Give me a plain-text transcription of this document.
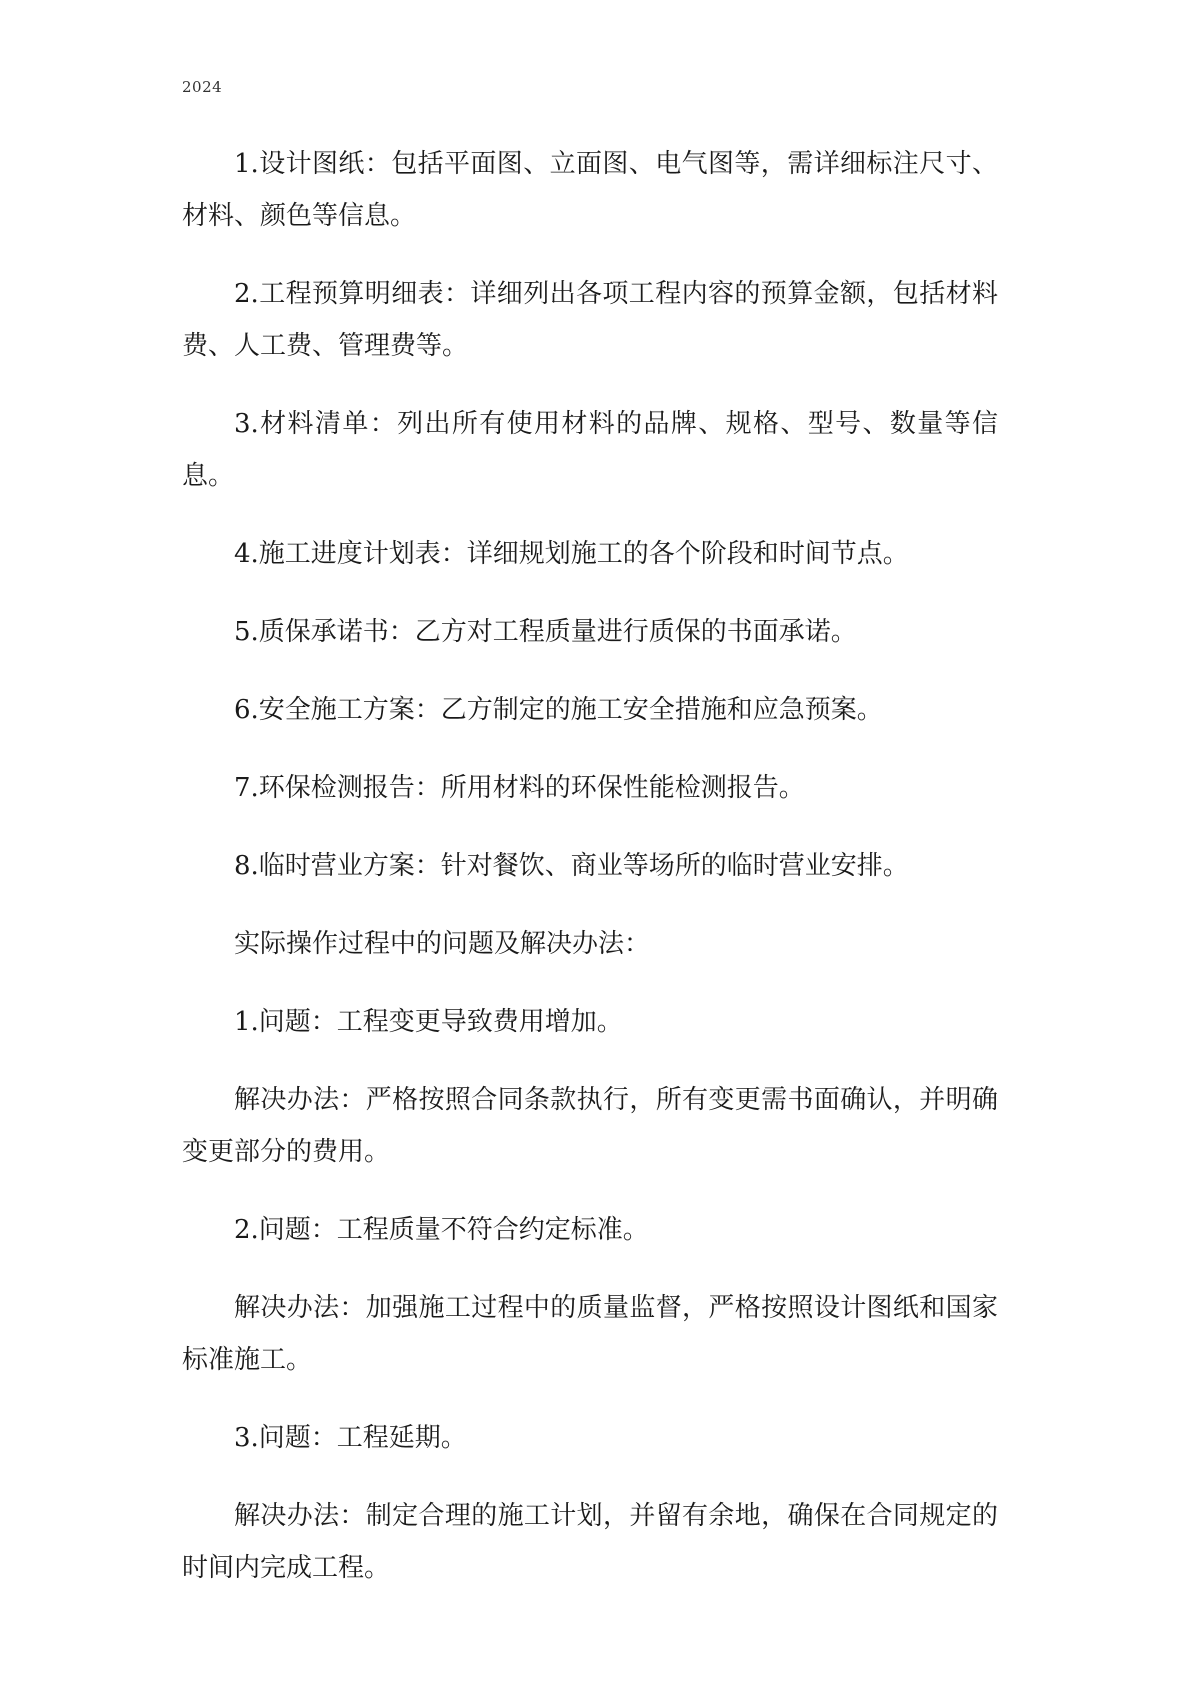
2024

1.设计图纸：包括平面图、立面图、电气图等，需详细标注尺寸、材料、颜色等信息。

2.工程预算明细表：详细列出各项工程内容的预算金额，包括材料费、人工费、管理费等。

3.材料清单：列出所有使用材料的品牌、规格、型号、数量等信息。

4.施工进度计划表：详细规划施工的各个阶段和时间节点。

5.质保承诺书：乙方对工程质量进行质保的书面承诺。

6.安全施工方案：乙方制定的施工安全措施和应急预案。

7.环保检测报告：所用材料的环保性能检测报告。

8.临时营业方案：针对餐饮、商业等场所的临时营业安排。

实际操作过程中的问题及解决办法：

1.问题：工程变更导致费用增加。

解决办法：严格按照合同条款执行，所有变更需书面确认，并明确变更部分的费用。

2.问题：工程质量不符合约定标准。

解决办法：加强施工过程中的质量监督，严格按照设计图纸和国家标准施工。

3.问题：工程延期。

解决办法：制定合理的施工计划，并留有余地，确保在合同规定的时间内完成工程。
